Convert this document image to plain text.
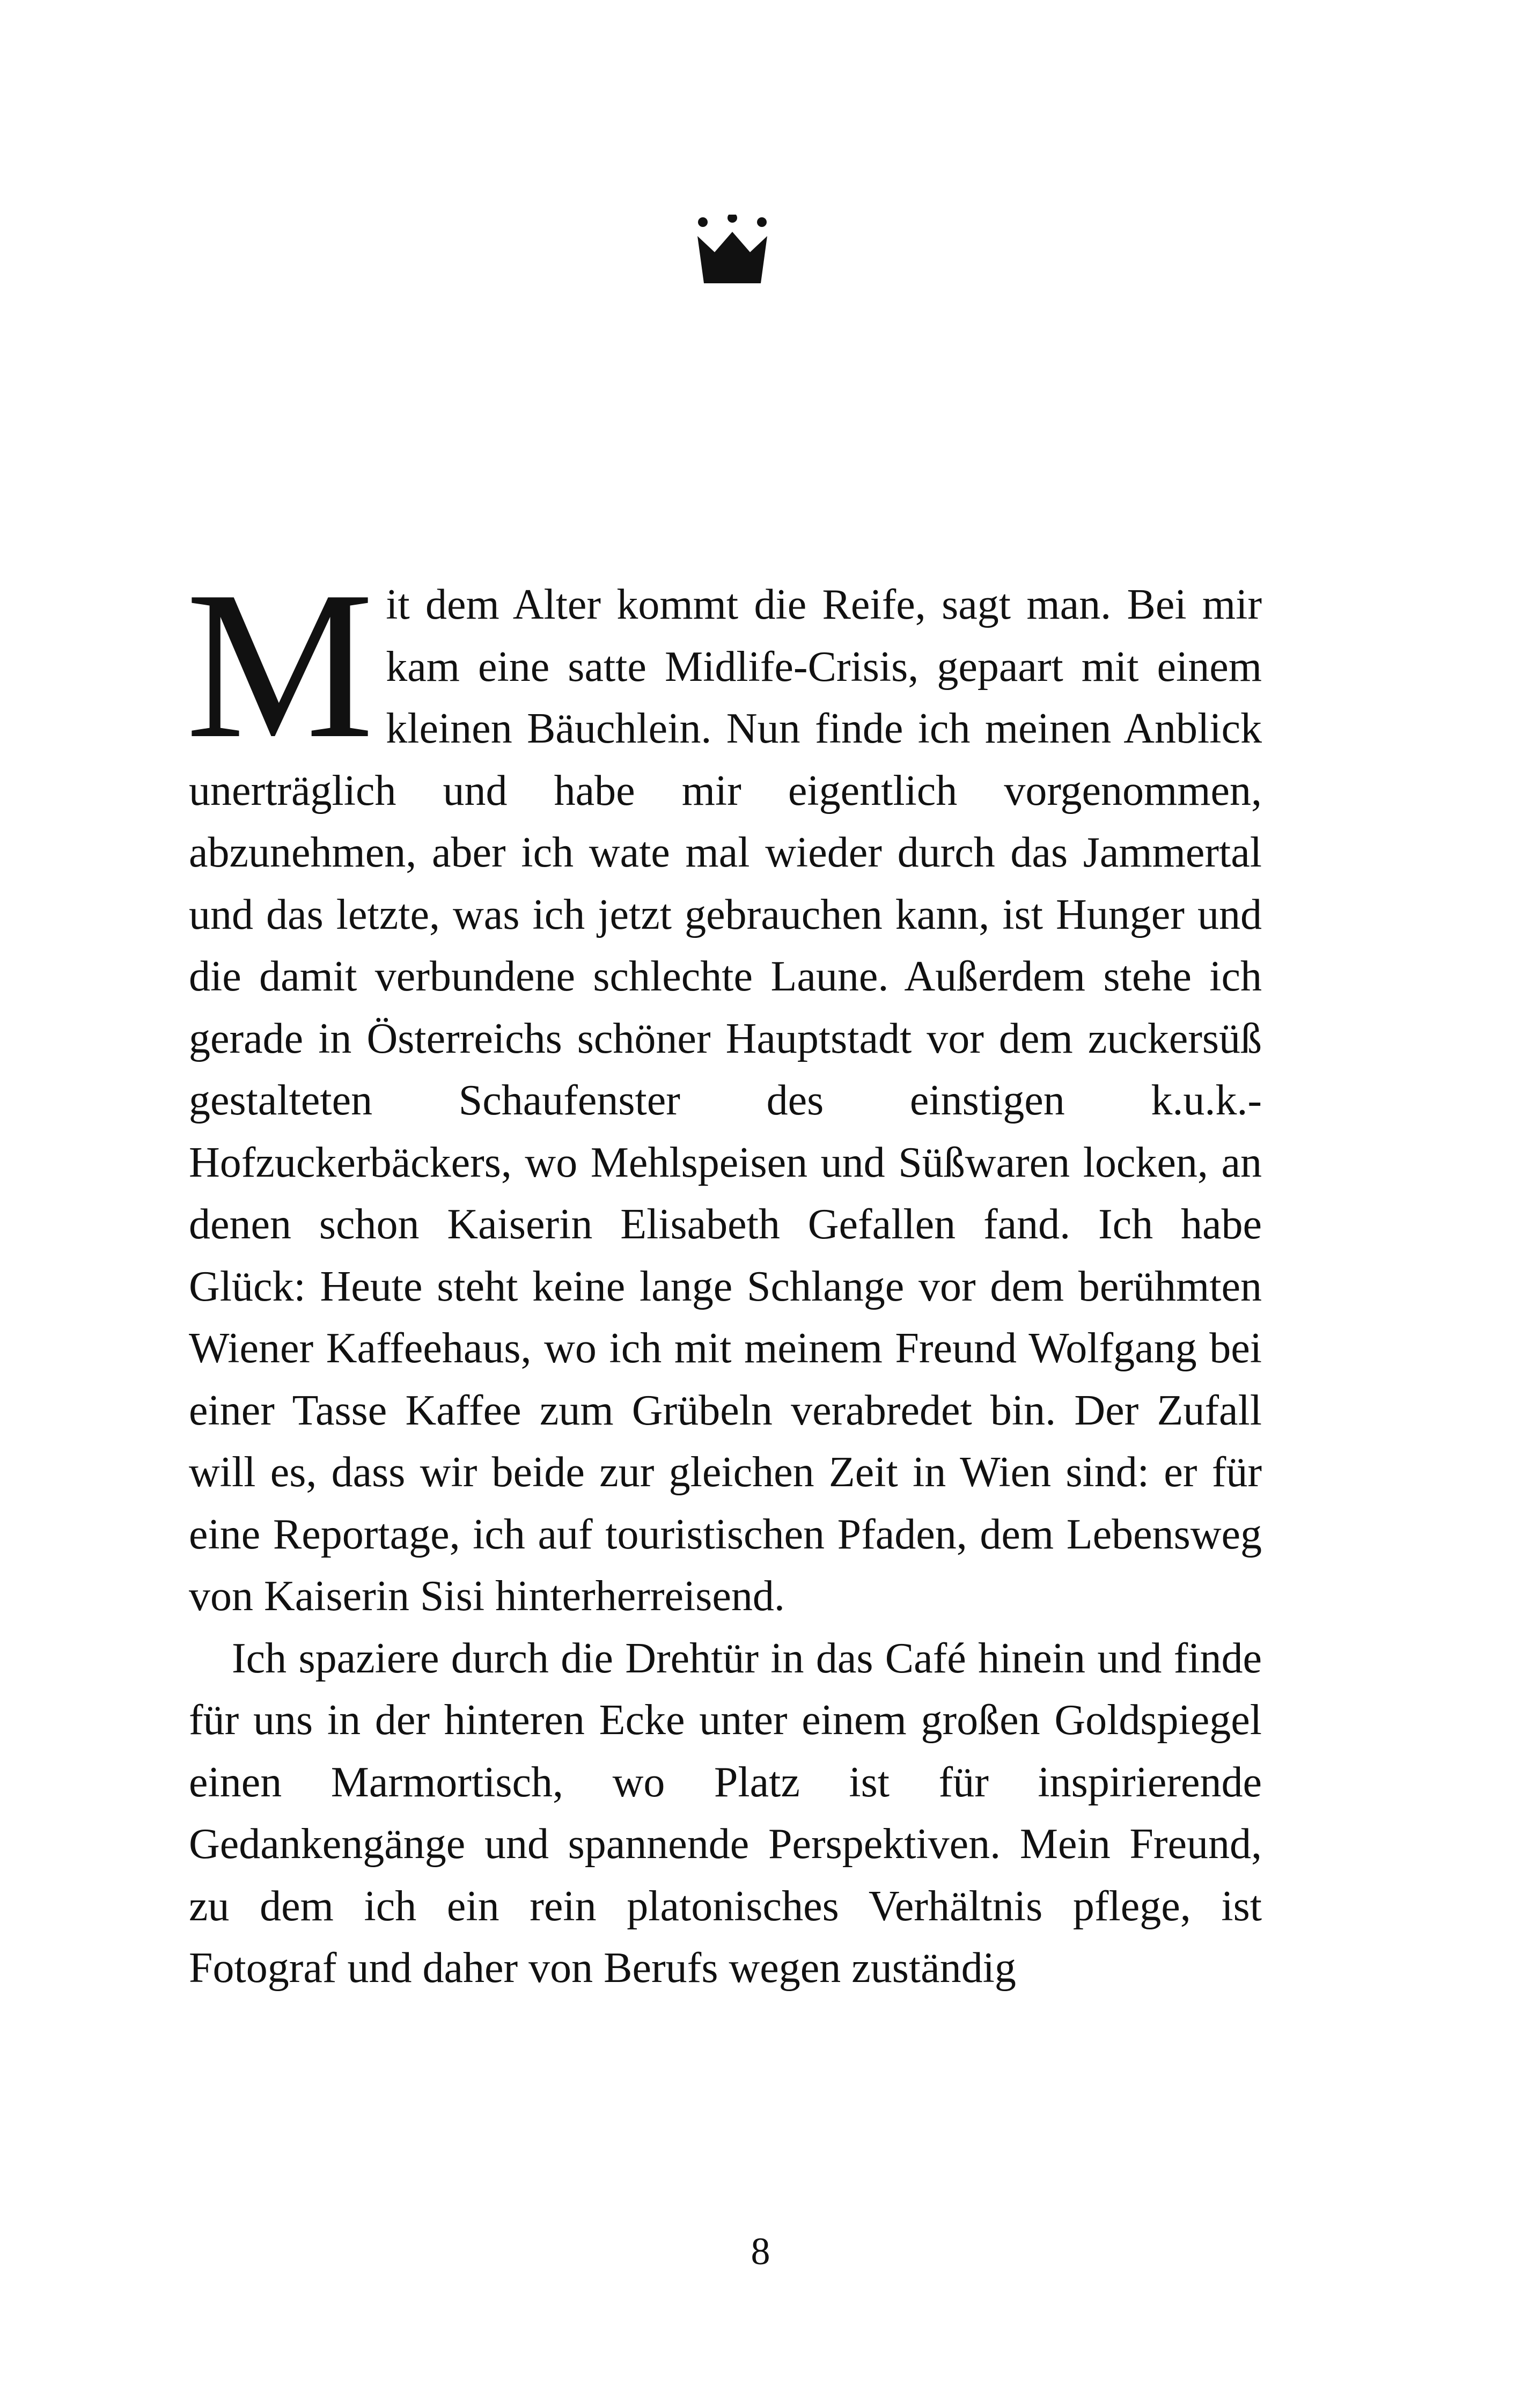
Mit dem Alter kommt die Reife, sagt man. Bei mir kam eine satte Midlife-Crisis, gepaart mit einem kleinen Bäuchlein. Nun finde ich meinen Anblick unerträglich und habe mir eigentlich vorgenommen, abzunehmen, aber ich wate mal wieder durch das Jammertal und das letzte, was ich jetzt gebrauchen kann, ist Hunger und die damit verbundene schlechte Laune. Außerdem stehe ich gerade in Österreichs schöner Hauptstadt vor dem zuckersüß gestalteten Schaufenster des einstigen k.u.k.-Hofzuckerbäckers, wo Mehlspeisen und Süßwaren locken, an denen schon Kaiserin Elisabeth Gefallen fand. Ich habe Glück: Heute steht keine lange Schlange vor dem berühmten Wiener Kaffeehaus, wo ich mit meinem Freund Wolfgang bei einer Tasse Kaffee zum Grübeln verabredet bin. Der Zufall will es, dass wir beide zur gleichen Zeit in Wien sind: er für eine Reportage, ich auf touristischen Pfaden, dem Lebensweg von Kaiserin Sisi hinterherreisend.

Ich spaziere durch die Drehtür in das Café hinein und finde für uns in der hinteren Ecke unter einem großen Goldspiegel einen Marmortisch, wo Platz ist für inspirierende Gedankengänge und spannende Perspektiven. Mein Freund, zu dem ich ein rein platonisches Verhältnis pflege, ist Fotograf und daher von Berufs wegen zuständig

8
